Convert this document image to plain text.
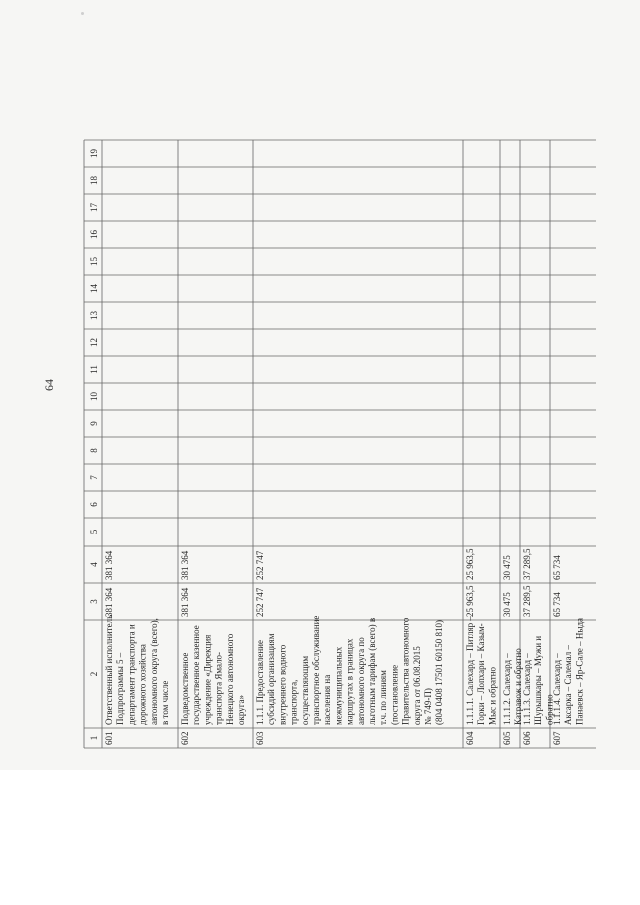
64
1
2
3
4
5
6
7
8
9
10
11
12
13
14
15
16
17
18
19
601
Ответственный исполнитель Подпрограммы 5 – департамент транспорта и дорожного хозяйства автономного округа (всего), в том числе
381 364
381 364
602
Подведомственное государственное казенное учреждение «Дирекция транспорта Ямало- Ненецкого автономного округа»
381 364
381 364
603
1.1.1. Предоставление субсидий организациям внутреннего водного транспорта, осуществляющим транспортное обслуживание населения на межмуниципальных маршрутах в границах автономного округа по льготным тарифам (всего) в т.ч. по линиям (постановление Правительства автономного округа от 06.08.2015 № 749-П) (804 0408 17501 60150 810)
252 747
252 747
604
1.1.1.1. Салехард – Питляр – Горки – Лопхари – Казым- Мыс и обратно
25 963,5
25 963,5
605
1.1.1.2. Салехард – Катравож и обратно
30 475
30 475
606
1.1.1.3. Салехард – Шурышкары – Мужи и обратно
37 289,5
37 289,5
607
1.1.1.4. Салехард – Аксарка – Салемал – Панаевск – Яр-Сале – Ныда
65 734
65 734
